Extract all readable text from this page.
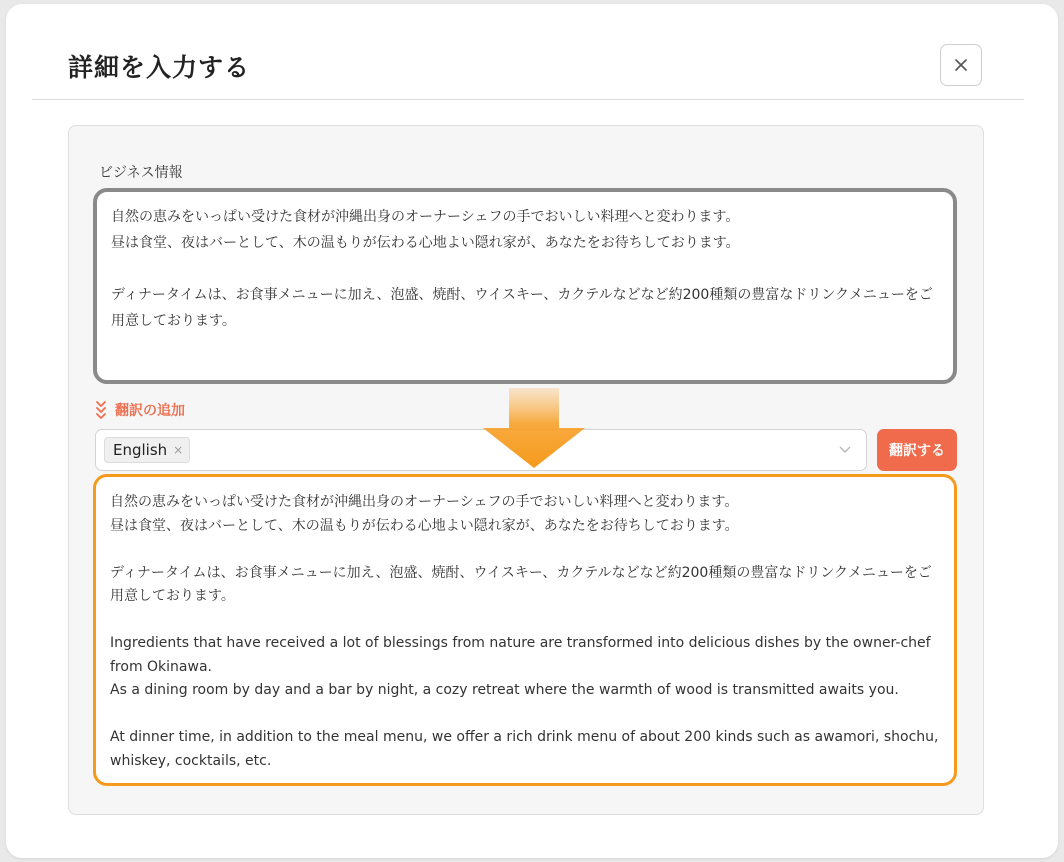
詳細を入力する
ビジネス情報
自然の恵みをいっぱい受けた食材が沖縄出身のオーナーシェフの手でおいしい料理へと変わります。
昼は食堂、夜はバーとして、木の温もりが伝わる心地よい隠れ家が、あなたをお待ちしております。

ディナータイムは、お食事メニューに加え、泡盛、焼酎、ウイスキー、カクテルなどなど約200種類の豊富なドリンクメニューをご用意しております。
翻訳の追加
English ×	翻訳する
自然の恵みをいっぱい受けた食材が沖縄出身のオーナーシェフの手でおいしい料理へと変わります。
昼は食堂、夜はバーとして、木の温もりが伝わる心地よい隠れ家が、あなたをお待ちしております。

ディナータイムは、お食事メニューに加え、泡盛、焼酎、ウイスキー、カクテルなどなど約200種類の豊富なドリンクメニューをご用意しております。

Ingredients that have received a lot of blessings from nature are transformed into delicious dishes by the owner-chef from Okinawa.
As a dining room by day and a bar by night, a cozy retreat where the warmth of wood is transmitted awaits you.

At dinner time, in addition to the meal menu, we offer a rich drink menu of about 200 kinds such as awamori, shochu, whiskey, cocktails, etc.
